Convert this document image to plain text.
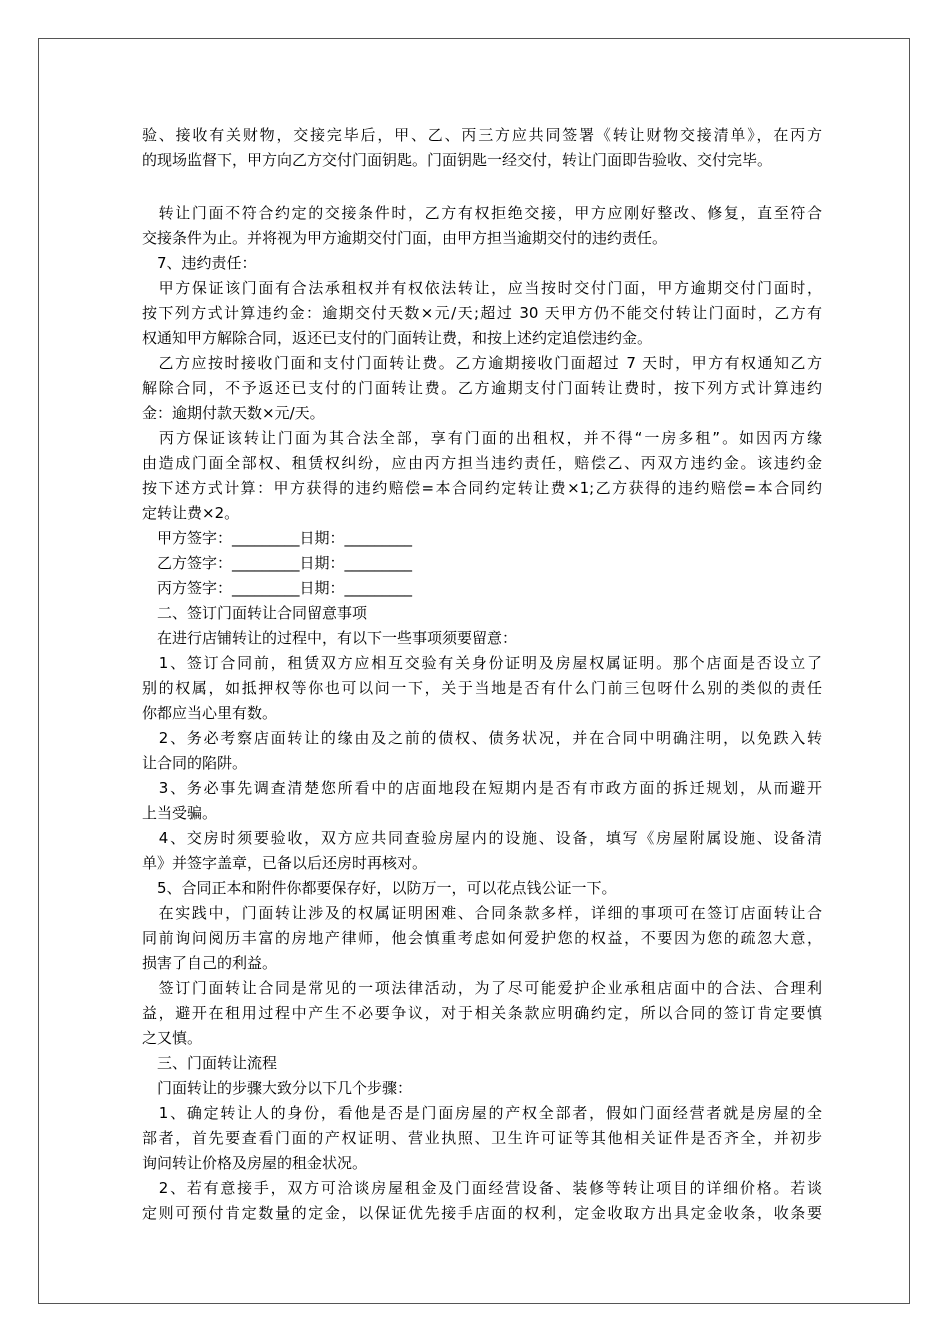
验、接收有关财物，交接完毕后，甲、乙、丙三方应共同签署《转让财物交接清单》，在丙方
的现场监督下，甲方向乙方交付门面钥匙。门面钥匙一经交付，转让门面即告验收、交付完毕。
　转让门面不符合约定的交接条件时，乙方有权拒绝交接，甲方应刚好整改、修复，直至符合
交接条件为止。并将视为甲方逾期交付门面，由甲方担当逾期交付的违约责任。
　7、违约责任：
　甲方保证该门面有合法承租权并有权依法转让，应当按时交付门面，甲方逾期交付门面时，
按下列方式计算违约金：逾期交付天数×元/天;超过 30 天甲方仍不能交付转让门面时，乙方有
权通知甲方解除合同，返还已支付的门面转让费，和按上述约定追偿违约金。
　乙方应按时接收门面和支付门面转让费。乙方逾期接收门面超过 7 天时，甲方有权通知乙方
解除合同，不予返还已支付的门面转让费。乙方逾期支付门面转让费时，按下列方式计算违约
金：逾期付款天数×元/天。
　丙方保证该转让门面为其合法全部，享有门面的出租权，并不得“一房多租”。如因丙方缘
由造成门面全部权、租赁权纠纷，应由丙方担当违约责任，赔偿乙、丙双方违约金。该违约金
按下述方式计算：甲方获得的违约赔偿=本合同约定转让费×1;乙方获得的违约赔偿=本合同约
定转让费×2。
　甲方签字：_________日期：_________
　乙方签字：_________日期：_________
　丙方签字：_________日期：_________
　二、签订门面转让合同留意事项
　在进行店铺转让的过程中，有以下一些事项须要留意：
　1、签订合同前，租赁双方应相互交验有关身份证明及房屋权属证明。那个店面是否设立了
别的权属，如抵押权等你也可以问一下，关于当地是否有什么门前三包呀什么别的类似的责任
你都应当心里有数。
　2、务必考察店面转让的缘由及之前的债权、债务状况，并在合同中明确注明，以免跌入转
让合同的陷阱。
　3、务必事先调查清楚您所看中的店面地段在短期内是否有市政方面的拆迁规划，从而避开
上当受骗。
　4、交房时须要验收，双方应共同查验房屋内的设施、设备，填写《房屋附属设施、设备清
单》并签字盖章，已备以后还房时再核对。
　5、合同正本和附件你都要保存好，以防万一，可以花点钱公证一下。
　在实践中，门面转让涉及的权属证明困难、合同条款多样，详细的事项可在签订店面转让合
同前询问阅历丰富的房地产律师，他会慎重考虑如何爱护您的权益，不要因为您的疏忽大意，
损害了自己的利益。
　签订门面转让合同是常见的一项法律活动，为了尽可能爱护企业承租店面中的合法、合理利
益，避开在租用过程中产生不必要争议，对于相关条款应明确约定，所以合同的签订肯定要慎
之又慎。
　三、门面转让流程
　门面转让的步骤大致分以下几个步骤：
　1、确定转让人的身份，看他是否是门面房屋的产权全部者，假如门面经营者就是房屋的全
部者，首先要查看门面的产权证明、营业执照、卫生许可证等其他相关证件是否齐全，并初步
询问转让价格及房屋的租金状况。
　2、若有意接手，双方可洽谈房屋租金及门面经营设备、装修等转让项目的详细价格。若谈
定则可预付肯定数量的定金，以保证优先接手店面的权利，定金收取方出具定金收条，收条要
